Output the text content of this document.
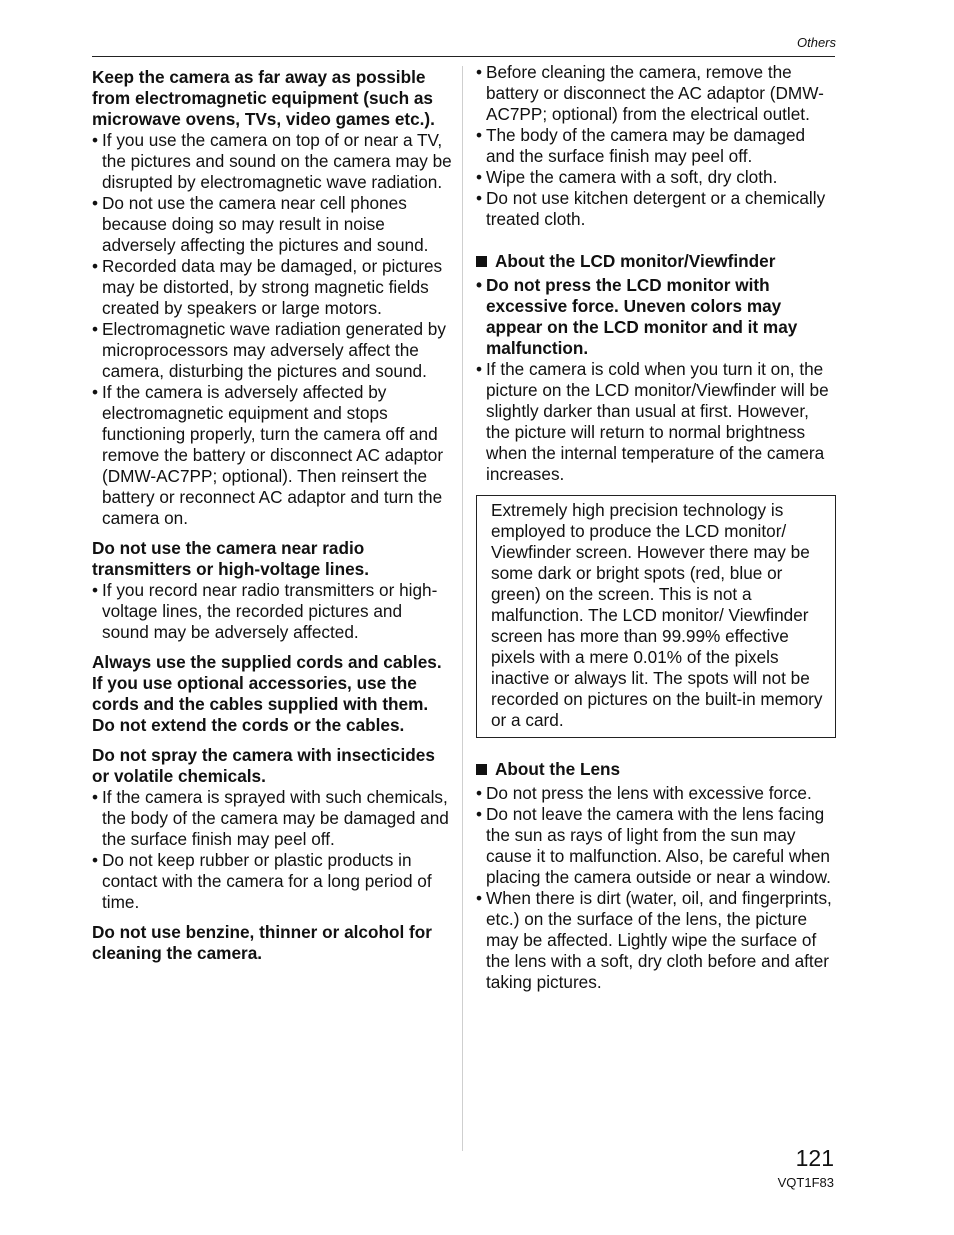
Others
Keep the camera as far away as possible from electromagnetic equipment (such as microwave ovens, TVs, video games etc.).
• If you use the camera on top of or near a TV, the pictures and sound on the camera may be disrupted by electromagnetic wave radiation.
• Do not use the camera near cell phones because doing so may result in noise adversely affecting the pictures and sound.
• Recorded data may be damaged, or pictures may be distorted, by strong magnetic fields created by speakers or large motors.
• Electromagnetic wave radiation generated by microprocessors may adversely affect the camera, disturbing the pictures and sound.
• If the camera is adversely affected by electromagnetic equipment and stops functioning properly, turn the camera off and remove the battery or disconnect AC adaptor (DMW-AC7PP; optional). Then reinsert the battery or reconnect AC adaptor and turn the camera on.
Do not use the camera near radio transmitters or high-voltage lines.
• If you record near radio transmitters or high-voltage lines, the recorded pictures and sound may be adversely affected.
Always use the supplied cords and cables. If you use optional accessories, use the cords and the cables supplied with them.
Do not extend the cords or the cables.
Do not spray the camera with insecticides or volatile chemicals.
• If the camera is sprayed with such chemicals, the body of the camera may be damaged and the surface finish may peel off.
• Do not keep rubber or plastic products in contact with the camera for a long period of time.
Do not use benzine, thinner or alcohol for cleaning the camera.
• Before cleaning the camera, remove the battery or disconnect the AC adaptor (DMW-AC7PP; optional) from the electrical outlet.
• The body of the camera may be damaged and the surface finish may peel off.
• Wipe the camera with a soft, dry cloth.
• Do not use kitchen detergent or a chemically treated cloth.
About the LCD monitor/Viewfinder
• Do not press the LCD monitor with excessive force. Uneven colors may appear on the LCD monitor and it may malfunction.
• If the camera is cold when you turn it on, the picture on the LCD monitor/Viewfinder will be slightly darker than usual at first. However, the picture will return to normal brightness when the internal temperature of the camera increases.
Extremely high precision technology is employed to produce the LCD monitor/ Viewfinder screen. However there may be some dark or bright spots (red, blue or green) on the screen. This is not a malfunction. The LCD monitor/ Viewfinder screen has more than 99.99% effective pixels with a mere 0.01% of the pixels inactive or always lit. The spots will not be recorded on pictures on the built-in memory or a card.
About the Lens
• Do not press the lens with excessive force.
• Do not leave the camera with the lens facing the sun as rays of light from the sun may cause it to malfunction. Also, be careful when placing the camera outside or near a window.
• When there is dirt (water, oil, and fingerprints, etc.) on the surface of the lens, the picture may be affected. Lightly wipe the surface of the lens with a soft, dry cloth before and after taking pictures.
121
VQT1F83
